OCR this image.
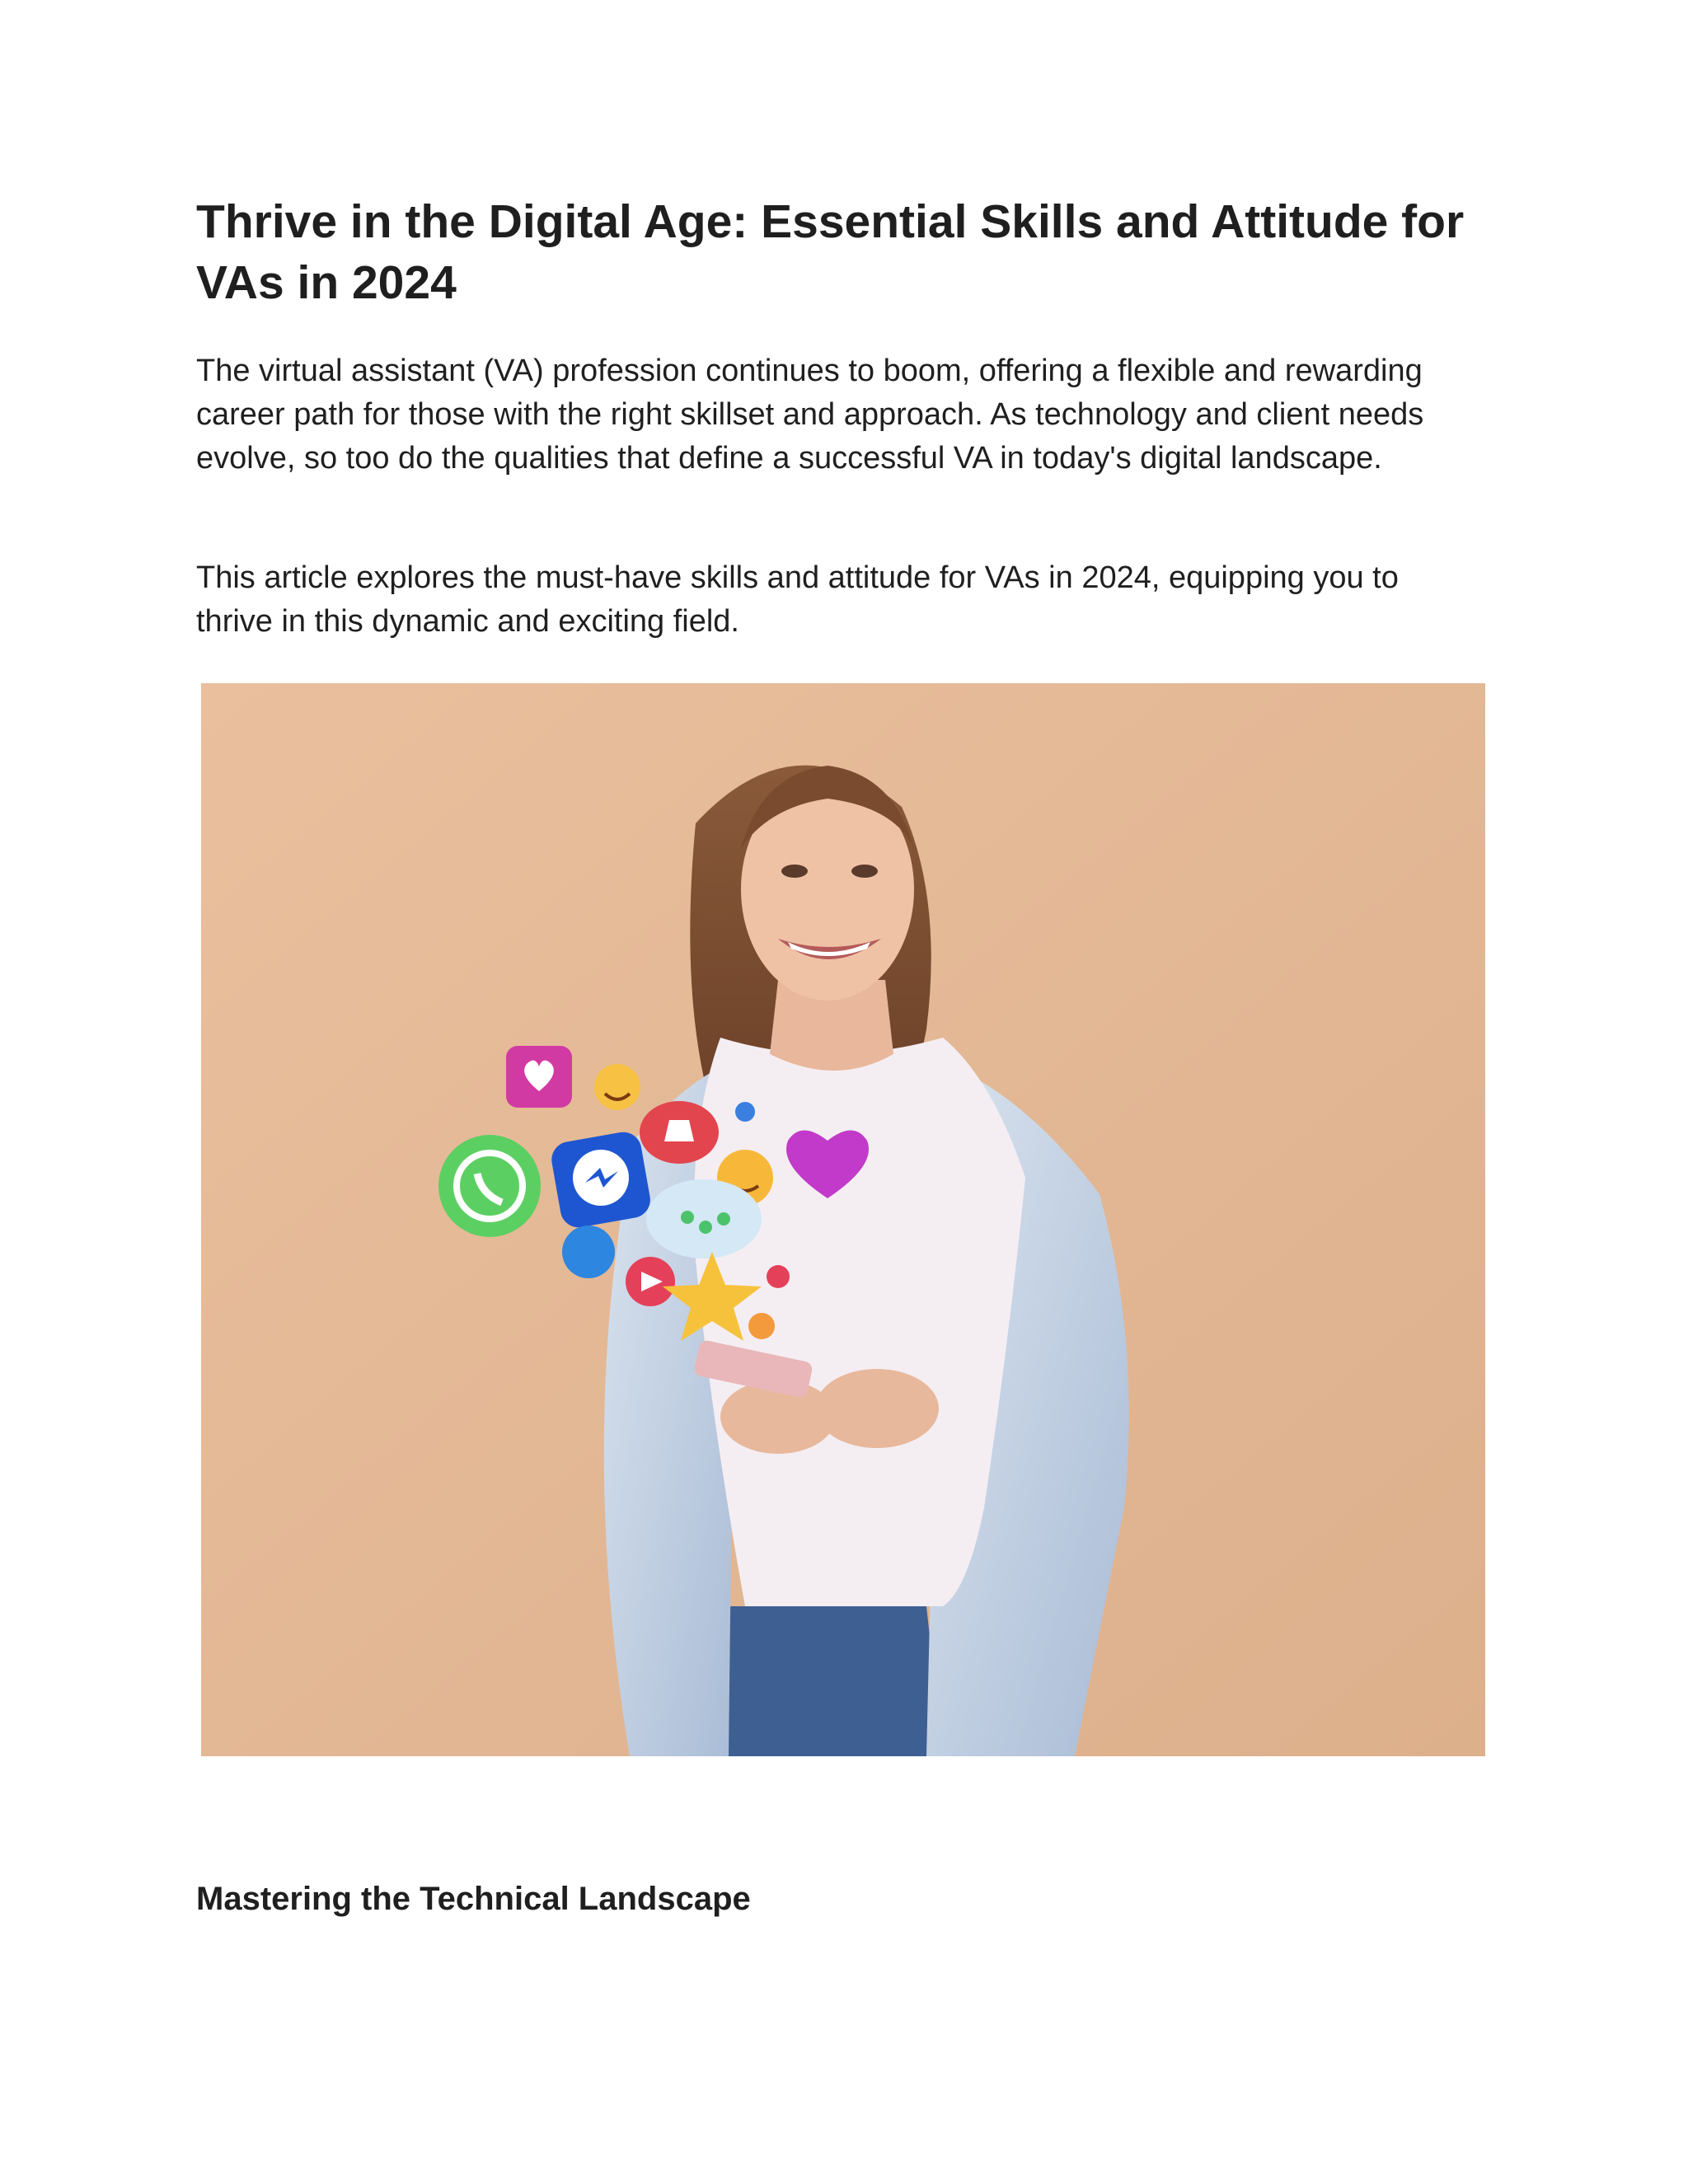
Thrive in the Digital Age: Essential Skills and Attitude for VAs in 2024

The virtual assistant (VA) profession continues to boom, offering a flexible and rewarding career path for those with the right skillset and approach. As technology and client needs evolve, so too do the qualities that define a successful VA in today's digital landscape.

This article explores the must-have skills and attitude for VAs in 2024, equipping you to thrive in this dynamic and exciting field.

Mastering the Technical Landscape
